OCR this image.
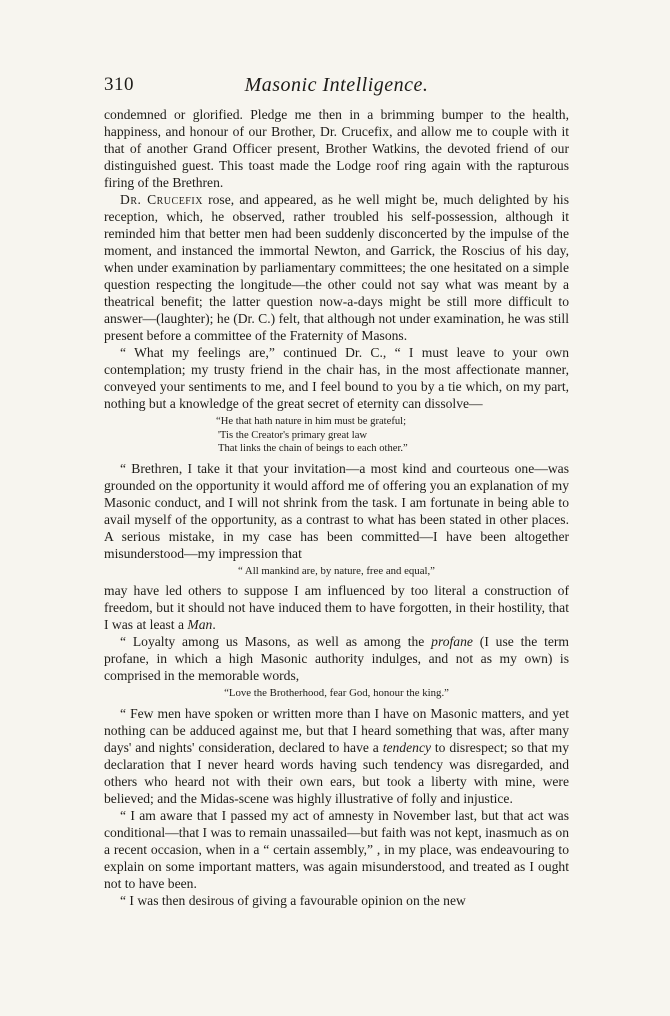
310	Masonic Intelligence.

condemned or glorified. Pledge me then in a brimming bumper to the health, happiness, and honour of our Brother, Dr. Crucefix, and allow me to couple with it that of another Grand Officer present, Brother Watkins, the devoted friend of our distinguished guest. This toast made the Lodge roof ring again with the rapturous firing of the Brethren.

Dr. Crucefix rose, and appeared, as he well might be, much delighted by his reception, which, he observed, rather troubled his self-possession, although it reminded him that better men had been suddenly disconcerted by the impulse of the moment, and instanced the immortal Newton, and Garrick, the Roscius of his day, when under examination by parliamentary committees; the one hesitated on a simple question respecting the longitude—the other could not say what was meant by a theatrical benefit; the latter question now-a-days might be still more difficult to answer—(laughter); he (Dr. C.) felt, that although not under examination, he was still present before a committee of the Fraternity of Masons.

“ What my feelings are,” continued Dr. C., “ I must leave to your own contemplation; my trusty friend in the chair has, in the most affectionate manner, conveyed your sentiments to me, and I feel bound to you by a tie which, on my part, nothing but a knowledge of the great secret of eternity can dissolve—

“He that hath nature in him must be grateful;
'Tis the Creator's primary great law
That links the chain of beings to each other.”

“ Brethren, I take it that your invitation—a most kind and courteous one—was grounded on the opportunity it would afford me of offering you an explanation of my Masonic conduct, and I will not shrink from the task. I am fortunate in being able to avail myself of the opportunity, as a contrast to what has been stated in other places. A serious mistake, in my case has been committed—I have been altogether misunderstood—my impression that

“ All mankind are, by nature, free and equal,”

may have led others to suppose I am influenced by too literal a construction of freedom, but it should not have induced them to have forgotten, in their hostility, that I was at least a Man.

“ Loyalty among us Masons, as well as among the profane (I use the term profane, in which a high Masonic authority indulges, and not as my own) is comprised in the memorable words,

“Love the Brotherhood, fear God, honour the king.”

“ Few men have spoken or written more than I have on Masonic matters, and yet nothing can be adduced against me, but that I heard something that was, after many days' and nights' consideration, declared to have a tendency to disrespect; so that my declaration that I never heard words having such tendency was disregarded, and others who heard not with their own ears, but took a liberty with mine, were believed; and the Midas-scene was highly illustrative of folly and injustice.

“ I am aware that I passed my act of amnesty in November last, but that act was conditional—that I was to remain unassailed—but faith was not kept, inasmuch as on a recent occasion, when in a “ certain assembly,” , in my place, was endeavouring to explain on some important matters, was again misunderstood, and treated as I ought not to have been.

“ I was then desirous of giving a favourable opinion on the new
